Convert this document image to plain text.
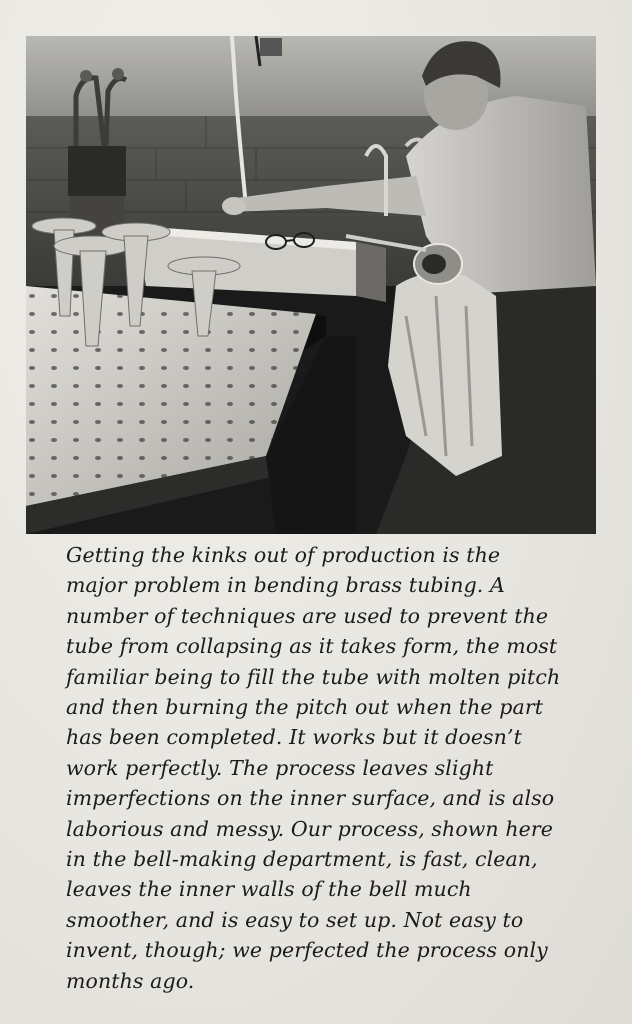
Getting the kinks out of production is the
major problem in bending brass tubing. A
number of techniques are used to prevent the
tube from collapsing as it takes form, the most
familiar being to fill the tube with molten pitch
and then burning the pitch out when the part
has been completed. It works but it doesn’t
work perfectly. The process leaves slight
imperfections on the inner surface, and is also
laborious and messy. Our process, shown here
in the bell-making department, is fast, clean,
leaves the inner walls of the bell much
smoother, and is easy to set up. Not easy to
invent, though; we perfected the process only
months ago.
